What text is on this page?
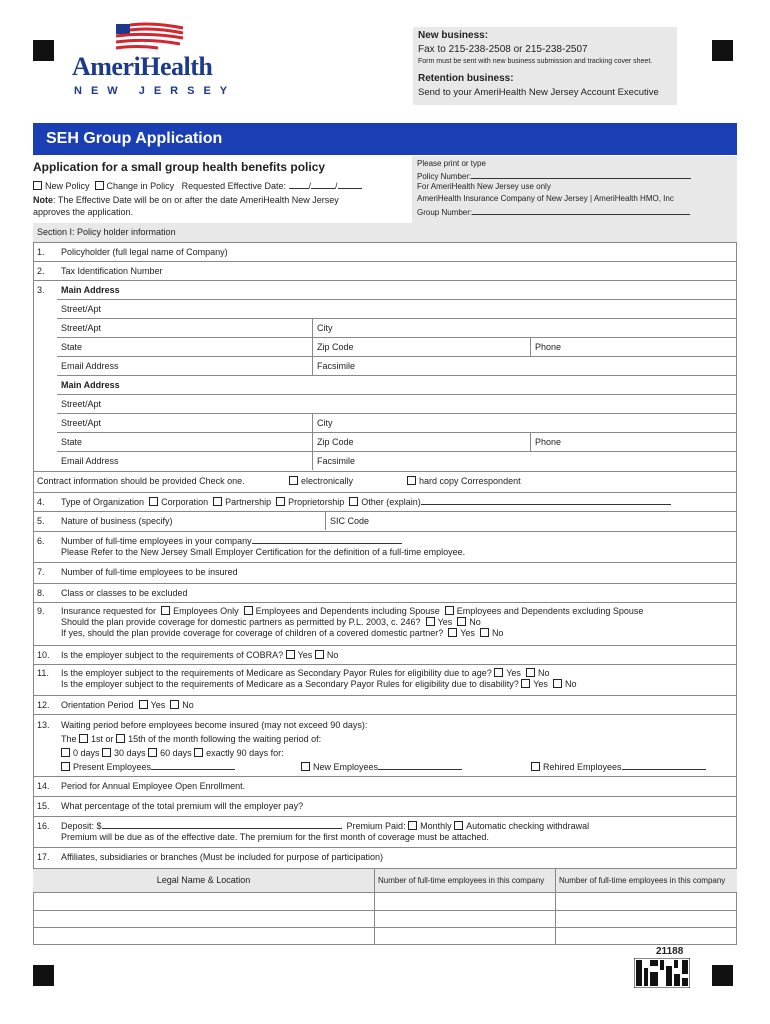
AmeriHealth
NEW JERSEY
New business:
Fax to 215-238-2508 or 215-238-2507
Form must be sent with new business submission and tracking cover sheet.
Retention business:
Send to your AmeriHealth New Jersey Account Executive
SEH Group Application
Application for a small group health benefits policy
New Policy Change in Policy Requested Effective Date:	/	/
Note: The Effective Date will be on or after the date AmeriHealth New Jersey
approves the application.
Please print or type
Policy Number:
For AmeriHealth New Jersey use only
AmeriHealth Insurance Company of New Jersey | AmeriHealth HMO, Inc
Group Number:
Section I: Policy holder information
1. Policyholder (full legal name of Company)
2. Tax Identification Number
3. Main Address
Street/Apt
Street/Apt	City
State	Zip Code	Phone
Email Address	Facsimile
Main Address
Street/Apt
Street/Apt	City
State	Zip Code	Phone
Email Address	Facsimile
Contract information should be provided Check one.	electronically	hard copy Correspondent
4. Type of Organization Corporation Partnership Proprietorship Other (explain)
5. Nature of business (specify)	SIC Code
6. Number of full-time employees in your company
Please Refer to the New Jersey Small Employer Certification for the definition of a full-time employee.
7. Number of full-time employees to be insured
8. Class or classes to be excluded
9. Insurance requested for Employees Only Employees and Dependents including Spouse Employees and Dependents excluding Spouse
Should the plan provide coverage for domestic partners as permitted by P.L. 2003, c. 246? Yes No
If yes, should the plan provide coverage for coverage of children of a covered domestic partner? Yes No
10. Is the employer subject to the requirements of COBRA? Yes No
11. Is the employer subject to the requirements of Medicare as Secondary Payor Rules for eligibility due to age? Yes No
Is the employer subject to the requirements of Medicare as a Secondary Payor Rules for eligibility due to disability? Yes No
12. Orientation Period Yes No
13. Waiting period before employees become insured (may not exceed 90 days):
The 1st or 15th of the month following the waiting period of:
0 days 30 days 60 days exactly 90 days for:
Present Employees	New Employees	Rehired Employees
14. Period for Annual Employee Open Enrollment.
15. What percentage of the total premium will the employer pay?
16. Deposit: $	Premium Paid: Monthly Automatic checking withdrawal
Premium will be due as of the effective date. The premium for the first month of coverage must be attached.
17. Affiliates, subsidiaries or branches (Must be included for purpose of participation)
Legal Name & Location	Number of full-time employees in this company	Number of full-time employees in this company
21188
